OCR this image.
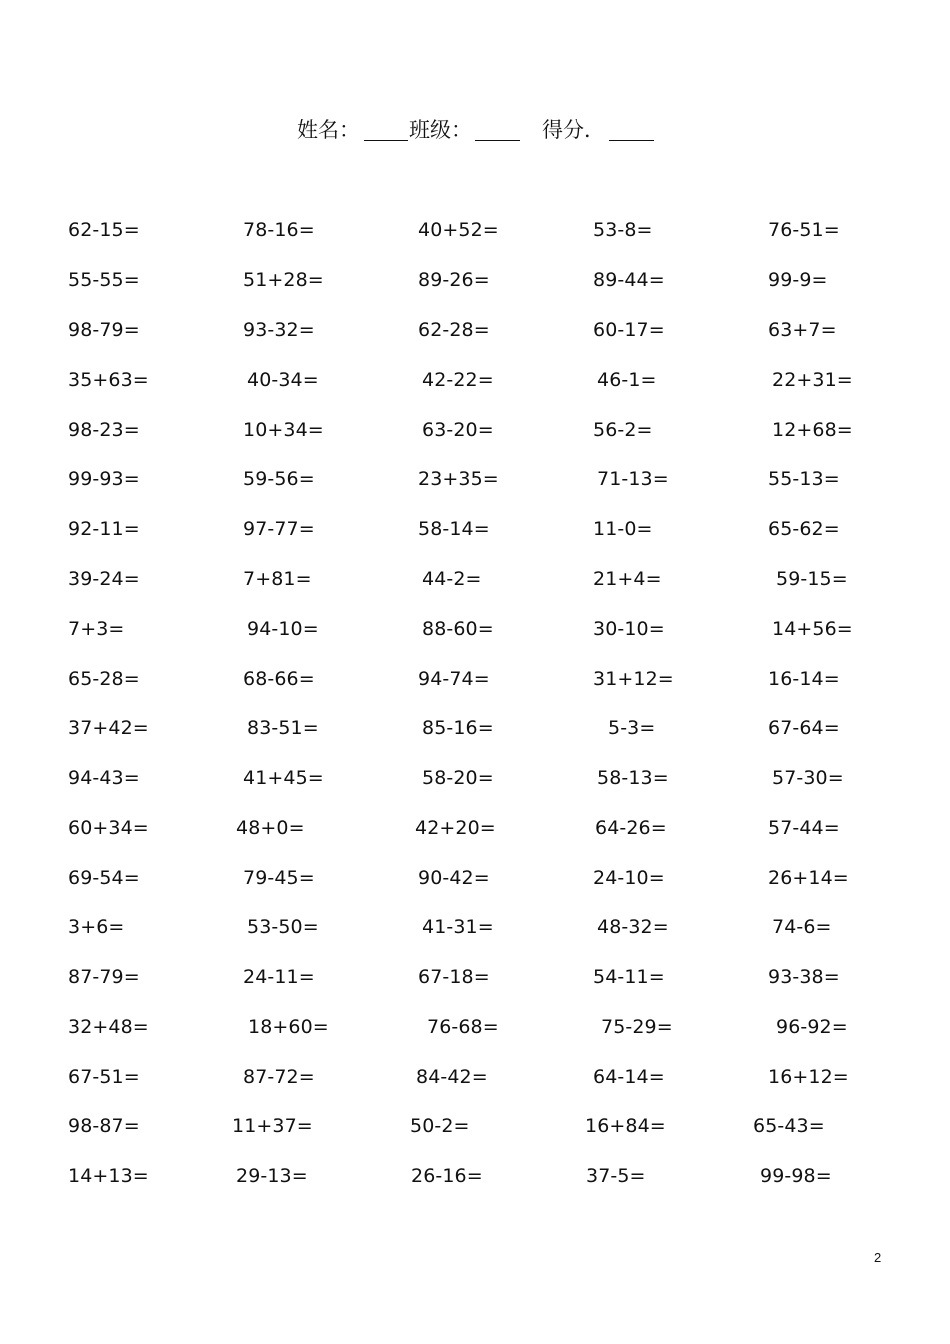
姓名： 班级：	得分．
62-15=	78-16=	40+52=	53-8=	76-51=
55-55=	51+28=	89-26=	89-44=	99-9=
98-79=	93-32=	62-28=	60-17=	63+7=
35+63=	40-34=	42-22=	46-1=	22+31=
98-23=	10+34=	63-20=	56-2=	12+68=
99-93=	59-56=	23+35=	71-13=	55-13=
92-11=	97-77=	58-14=	11-0=	65-62=
39-24=	7+81=	44-2=	21+4=	59-15=
7+3=	94-10=	88-60=	30-10=	14+56=
65-28=	68-66=	94-74=	31+12=	16-14=
37+42=	83-51=	85-16=	5-3=	67-64=
94-43=	41+45=	58-20=	58-13=	57-30=
60+34=	48+0=	42+20=	64-26=	57-44=
69-54=	79-45=	90-42=	24-10=	26+14=
3+6=	53-50=	41-31=	48-32=	74-6=
87-79=	24-11=	67-18=	54-11=	93-38=
32+48=	18+60=	76-68=	75-29=	96-92=
67-51=	87-72=	84-42=	64-14=	16+12=
98-87=	11+37=	50-2=	16+84=	65-43=
14+13=	29-13=	26-16=	37-5=	99-98=
2
